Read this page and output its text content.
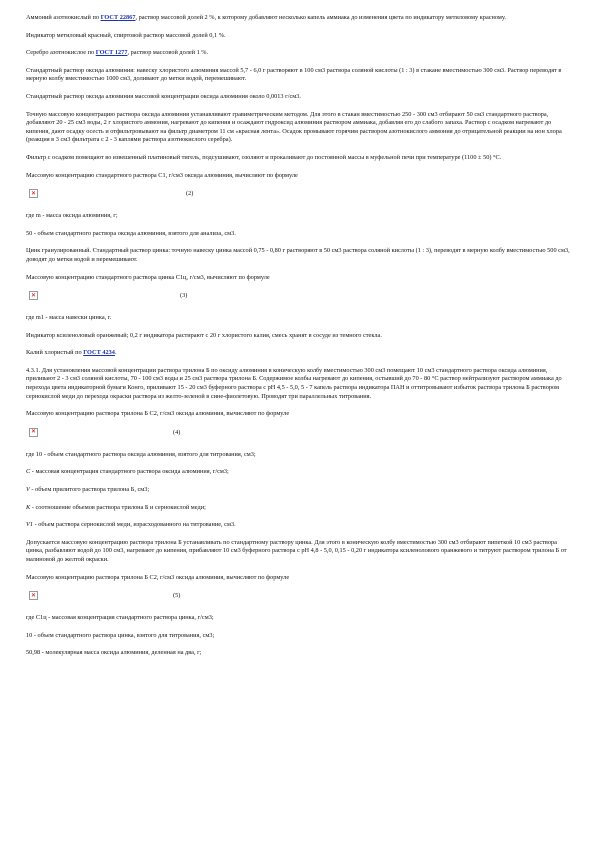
Аммоний азотнокислый по ГОСТ 22867, раствор массовой долей 2 %, к которому добавляют несколько капель аммиака до изменения цвета по индикатору метиловому красному.

Индикатор метиловый красный, спиртовой раствор массовой долей 0,1 %.

Серебро азотнокислое по ГОСТ 1277, раствор массовой долей 1 %.

Стандартный раствор оксида алюминия: навеску хлористого алюминия массой 5,7 - 6,0 г растворяют в 100 см3 раствора соляной кислоты (1 : 3) в стакане вместимостью 300 см3. Раствор переводят в мерную колбу вместимостью 1000 см3, доливают до метки водой, перемешивают.

Стандартный раствор оксида алюминия массовой концентрации оксида алюминия около 0,0013 г/см3.

Точную массовую концентрацию раствора оксида алюминия устанавливают гравиметрическим методом. Для этого в стакан вместимостью 250 - 300 см3 отбирают 50 см3 стандартного раствора, добавляют 20 - 25 см3 воды, 2 г хлористого аммония, нагревают до кипения и осаждают гидроксид алюминия раствором аммиака, добавляя его до слабого запаха. Раствор с осадком нагревают до кипения, дают осадку осесть и отфильтровывают на фильтр диаметром 11 см «красная лента». Осадок промывают горячим раствором азотнокислого аммония до отрицательной реакции на ион хлора (реакция в 3 см3 фильтрата с 2 - 3 каплями раствора азотнокислого серебра).

Фильтр с осадком помещают во взвешенный платиновый тигель, подсушивают, озоляют и прокаливают до постоянной массы в муфельной печи при температуре (1100 ± 50) °С.

Массовую концентрацию стандартного раствора C1, г/см3 оксида алюминия, вычисляют по формуле

✕	(2)

где m - масса оксида алюминия, г;

50 - объем стандартного раствора оксида алюминия, взятого для анализа, см3.

Цинк гранулированный. Стандартный раствор цинка: точную навеску цинка массой 0,75 - 0,80 г растворяют в 50 см3 раствора соляной кислоты (1 : 3), переводят в мерную колбу вместимостью 500 см3, доводят до метки водой и перемешивают.

Массовую концентрацию стандартного раствора цинка C1ц, г/см3, вычисляют по формуле

✕	(3)

где m1 - масса навески цинка, г.

Индикатор ксиленоловый оранжевый; 0,2 г индикатора растирают с 20 г хлористого калия, смесь хранят в сосуде из темного стекла.

Калий хлористый по ГОСТ 4234.

4.3.1. Для установления массовой концентрации раствора трилона Б по оксиду алюминия в коническую колбу вместимостью 300 см3 помещают 10 см3 стандартного раствора оксида алюминия, приливают 2 - 3 см3 соляной кислоты, 70 - 100 см3 воды и 25 см3 раствора трилона Б. Содержимое колбы нагревают до кипения, остывший до 70 - 80 °С раствор нейтрализуют раствором аммиака до перехода цвета индикаторной бумаги Конго, приливают 15 - 20 см3 буферного раствора с рН 4,5 - 5,0, 5 - 7 капель раствора индикатора ПАН и оттитровывают избыток раствора трилона Б раствором сернокислой меди до перехода окраски раствора из желто-зеленой в сине-фиолетовую. Проводят три параллельных титрования.

Массовую концентрацию раствора трилона Б C2, г/см3 оксида алюминия, вычисляют по формуле

✕	(4)

где 10 - объем стандартного раствора оксида алюминия, взятого для титрования, см3;

C - массовая концентрация стандартного раствора оксида алюминия, г/см3;

V - объем прилитого раствора трилона Б, см3;

K - соотношение объемов раствора трилона Б и сернокислой меди;

V1 - объем раствора сернокислой меди, израсходованного на титрование, см3.

Допускается массовую концентрацию раствора трилона Б устанавливать по стандартному раствору цинка. Для этого в коническую колбу вместимостью 300 см3 отбирают пипеткой 10 см3 раствора цинка, разбавляют водой до 100 см3, нагревают до кипения, прибавляют 10 см3 буферного раствора с рН 4,8 - 5,0, 0,15 - 0,20 г индикатора ксиленолового оранжевого и титруют раствором трилона Б от малиновой до желтой окраски.

Массовую концентрацию раствора трилона Б C2, г/см3 оксида алюминия, вычисляют по формуле

✕	(5)

где C1ц - массовая концентрация стандартного раствора цинка, г/см3;

10 - объем стандартного раствора цинка, взятого для титрования, см3;

50,98 - молекулярная масса оксида алюминия, деленная на два, г;
